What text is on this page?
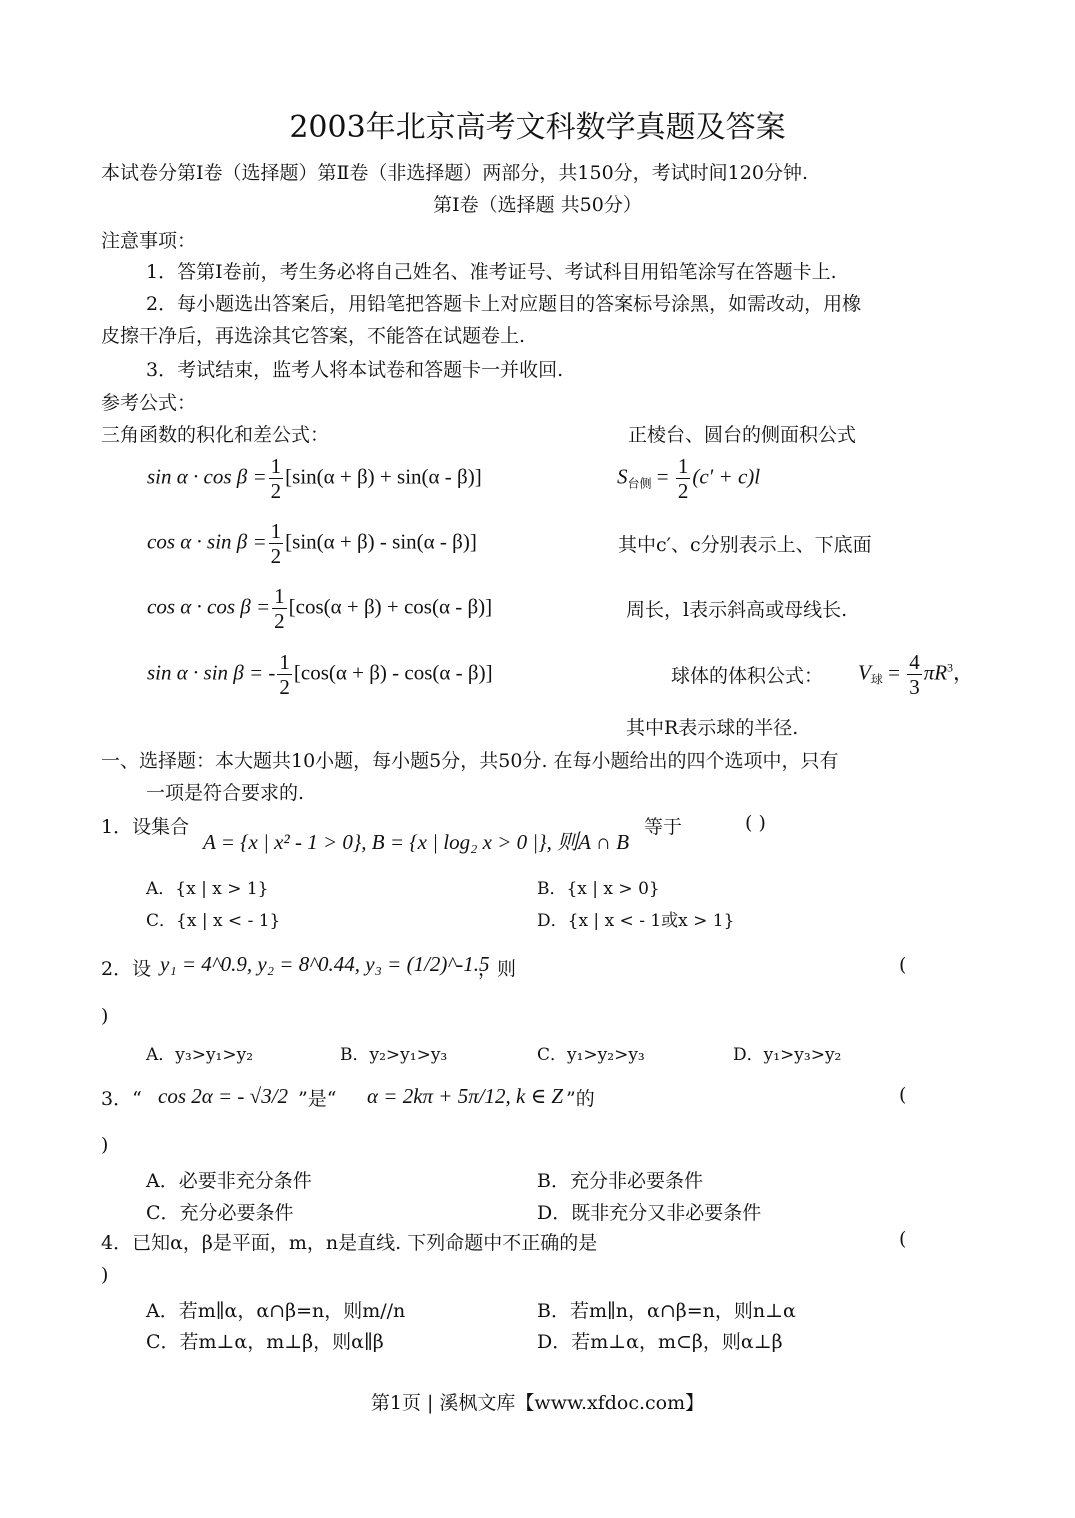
2003年北京高考文科数学真题及答案
本试卷分第Ⅰ卷（选择题）第Ⅱ卷（非选择题）两部分，共150分，考试时间120分钟.
第Ⅰ卷（选择题 共50分）
注意事项：
1．答第Ⅰ卷前，考生务必将自己姓名、准考证号、考试科目用铅笔涂写在答题卡上.
2．每小题选出答案后，用铅笔把答题卡上对应题目的答案标号涂黑，如需改动，用橡
皮擦干净后，再选涂其它答案，不能答在试题卷上.
3．考试结束，监考人将本试卷和答题卡一并收回.
参考公式：
三角函数的积化和差公式：	正棱台、圆台的侧面积公式
$\sin \alpha \cdot \cos \beta = \frac{1}{2} [\sin(\alpha + \beta) + \sin(\alpha - \beta)]$
$\cos \alpha \cdot \sin \beta = \frac{1}{2} [\sin(\alpha + \beta) - \sin(\alpha - \beta)]$
$\cos \alpha \cdot \cos \beta = \frac{1}{2} [\cos(\alpha + \beta) + \cos(\alpha - \beta)]$
sin α · sin β = - $\frac{1}{2} [\cos(\alpha + \beta) - \cos(\alpha - \beta)]$
$S_{台侧} = \frac{1}{2} (c' + c)l$
其中c′、c分别表示上、下底面
周长，l表示斜高或母线长.
球体的体积公式： $V_球 = \frac{4}{3} \pi R^3$，
其中R表示球的半径.
一、选择题：本大题共10小题，每小题5分，共50分. 在每小题给出的四个选项中，只有
一项是符合要求的.
1．设集合
A = {x | x² - 1 > 0}, B = {x | log₂ x > 0 |}, 则A ∩ B
等于	( )
A．{x | x > 1}	B．{x | x > 0}
C．{x | x < - 1}	D．{x | x < - 1或x > 1}
2．设 y₁ = 4^0.9, y₂ = 8^0.44, y₃ = (1/2)^-1.5
，则	(
)
A．y₃>y₁>y₂	B．y₂>y₁>y₃	C．y₁>y₂>y₃	D．y₁>y₃>y₂
3．“ cos 2α = - √3/2 ”是“ α = 2kπ + 5π/12, k ∈ Z ”的	(
)
A．必要非充分条件	B．充分非必要条件
C．充分必要条件	D．既非充分又非必要条件
4．已知α，β是平面，m，n是直线. 下列命题中不正确的是	(
)
A．若m∥α，α∩β=n，则m//n	B．若m∥n，α∩β=n，则n⊥α
C．若m⊥α，m⊥β，则α∥β	D．若m⊥α，m⊂β，则α⊥β
第1页 | 溪枫文库【www.xfdoc.com】
